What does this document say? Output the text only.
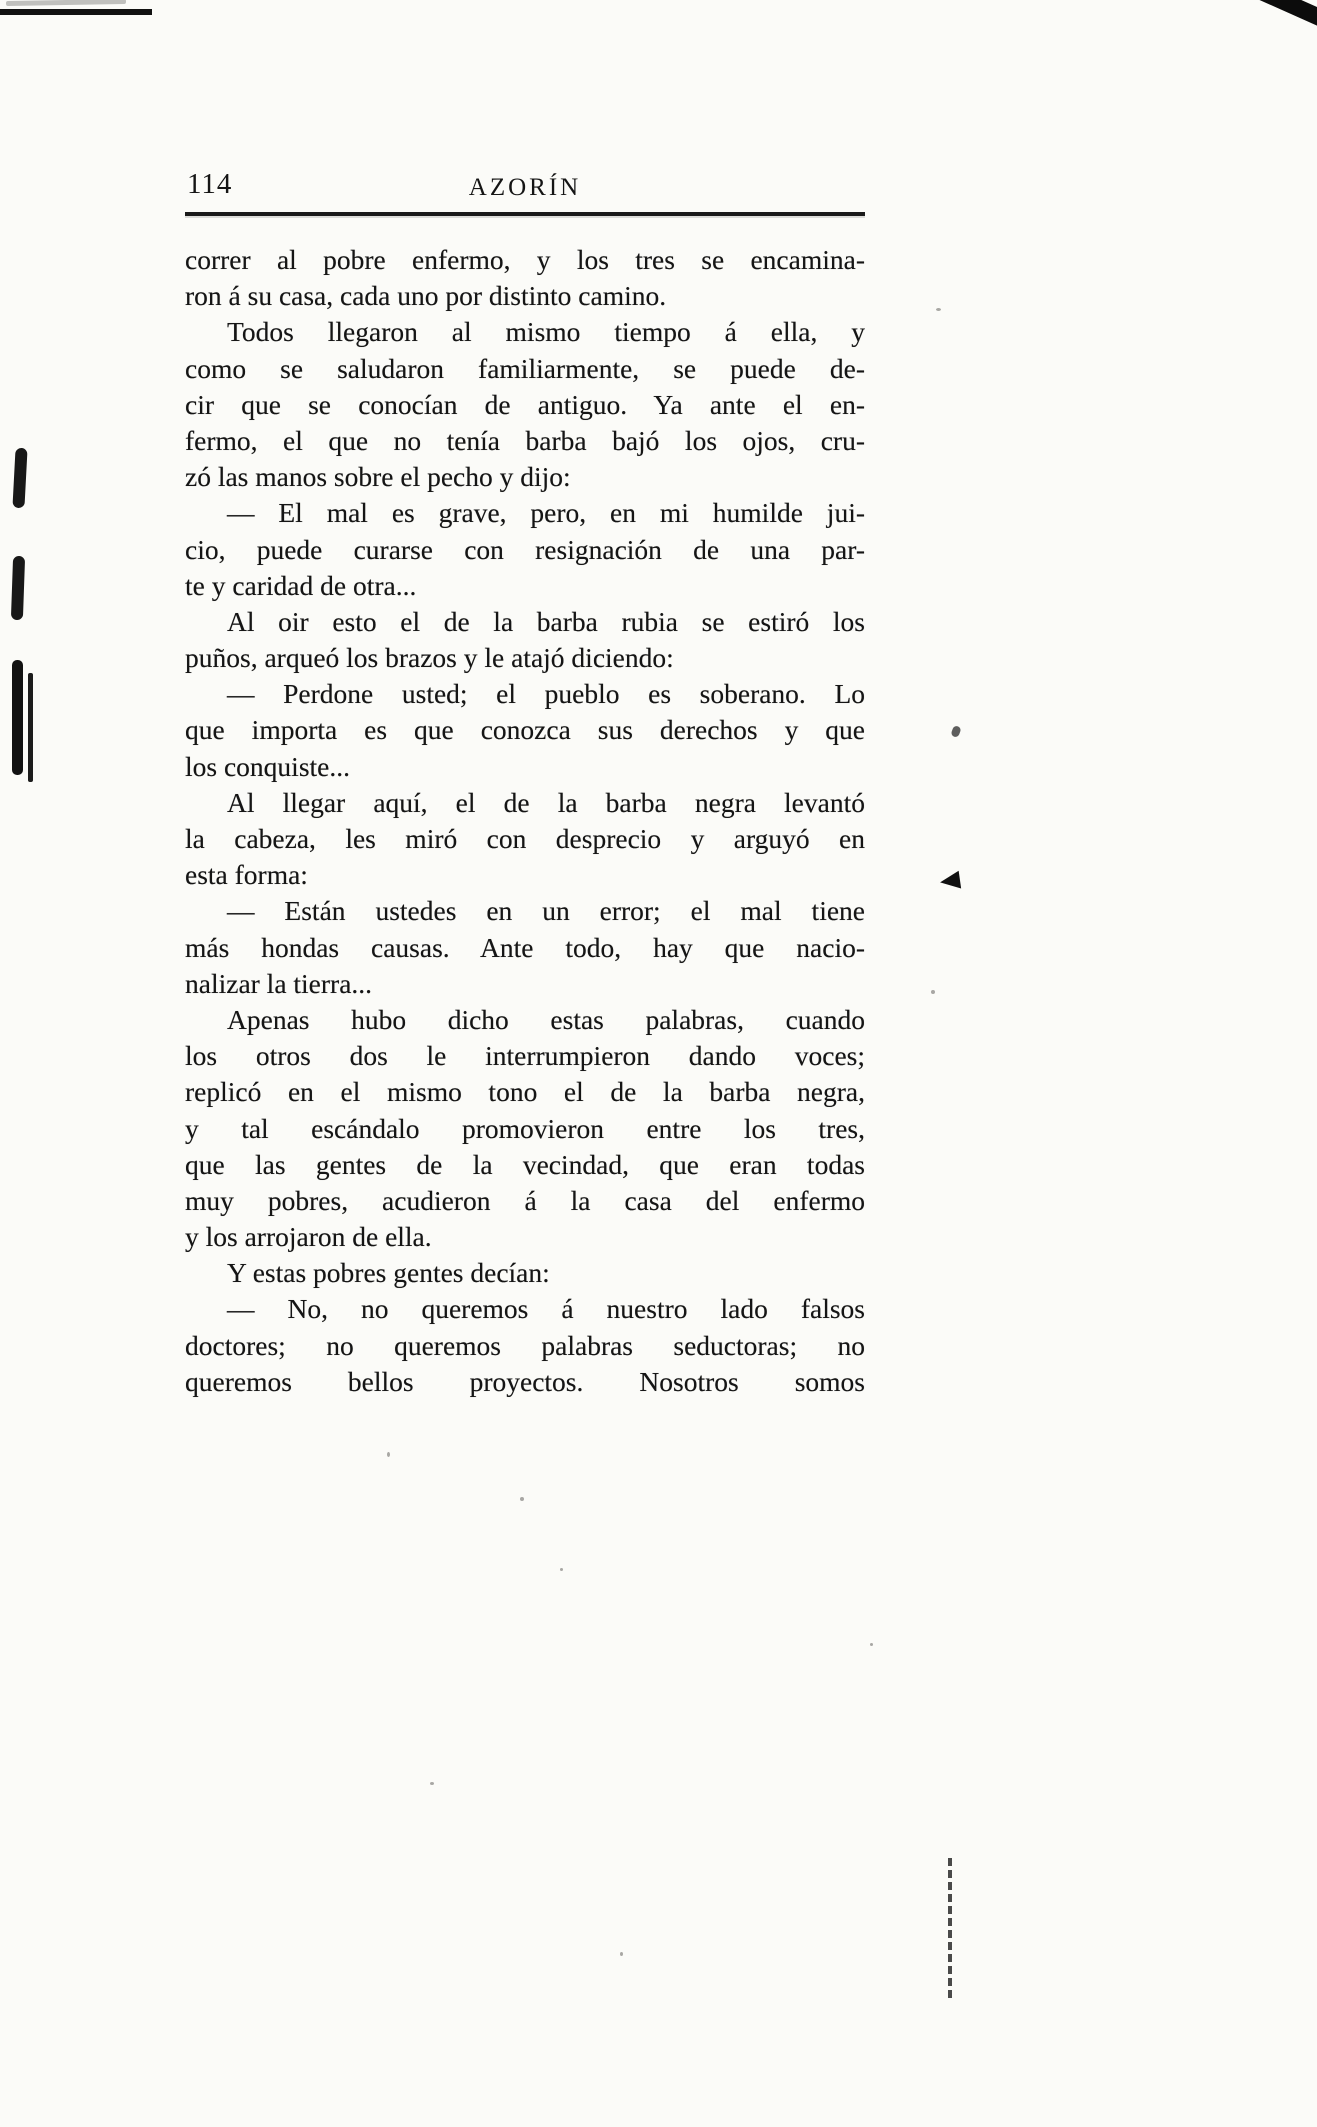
114	AZORÍN
correr al pobre enfermo, y los tres se encamina-
ron á su casa, cada uno por distinto camino.
Todos llegaron al mismo tiempo á ella, y
como se saludaron familiarmente, se puede de-
cir que se conocían de antiguo. Ya ante el en-
fermo, el que no tenía barba bajó los ojos, cru-
zó las manos sobre el pecho y dijo:
— El mal es grave, pero, en mi humilde jui-
cio, puede curarse con resignación de una par-
te y caridad de otra...
Al oir esto el de la barba rubia se estiró los
puños, arqueó los brazos y le atajó diciendo:
— Perdone usted; el pueblo es soberano. Lo
que importa es que conozca sus derechos y que
los conquiste...
Al llegar aquí, el de la barba negra levantó
la cabeza, les miró con desprecio y arguyó en
esta forma:
— Están ustedes en un error; el mal tiene
más hondas causas. Ante todo, hay que nacio-
nalizar la tierra...
Apenas hubo dicho estas palabras, cuando
los otros dos le interrumpieron dando voces;
replicó en el mismo tono el de la barba negra,
y tal escándalo promovieron entre los tres,
que las gentes de la vecindad, que eran todas
muy pobres, acudieron á la casa del enfermo
y los arrojaron de ella.
Y estas pobres gentes decían:
— No, no queremos á nuestro lado falsos
doctores; no queremos palabras seductoras; no
queremos bellos proyectos. Nosotros somos
